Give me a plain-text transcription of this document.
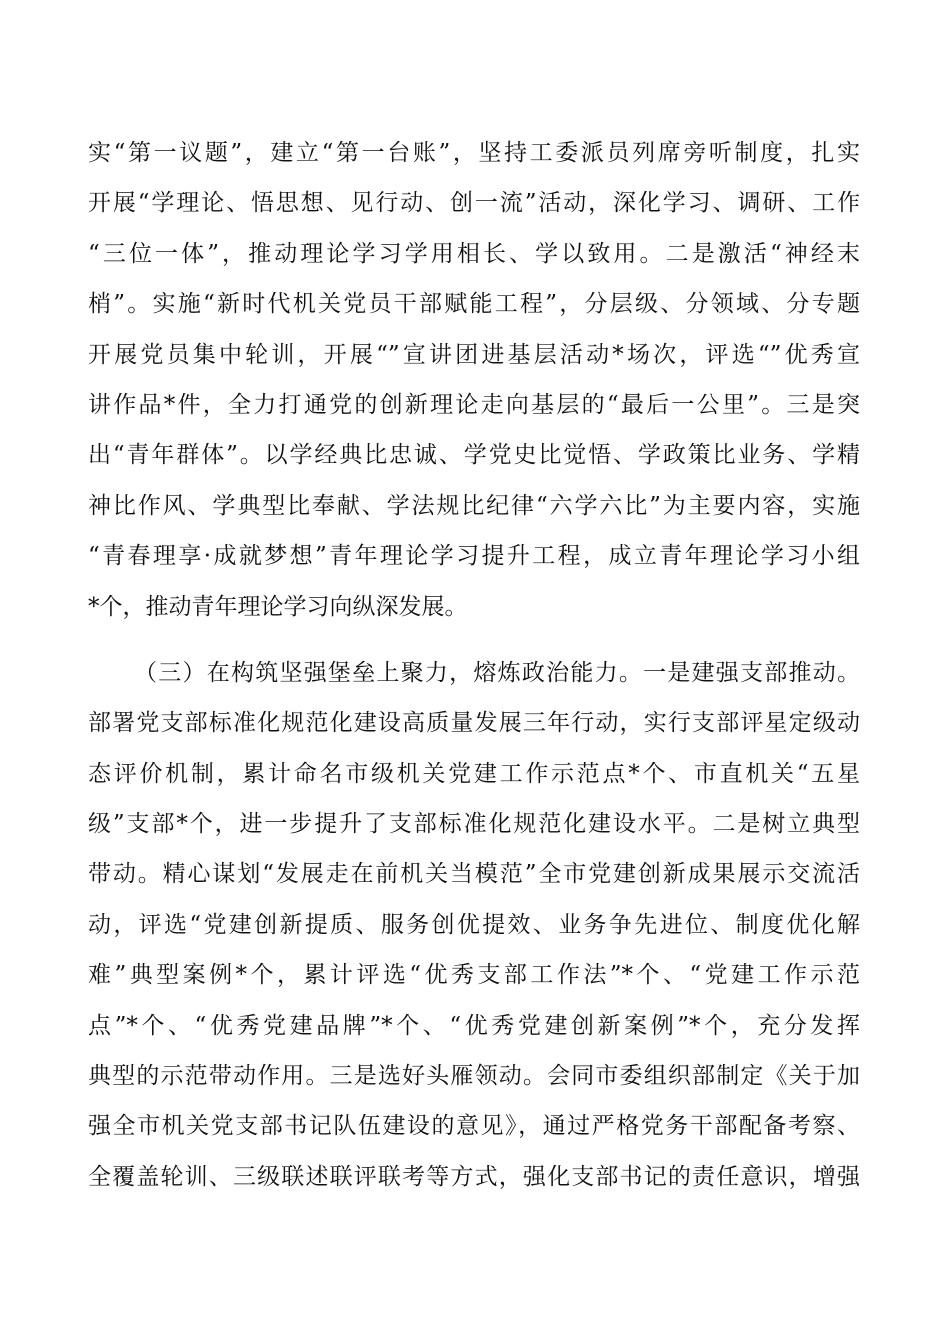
实“第一议题”，建立“第一台账”，坚持工委派员列席旁听制度，扎实
开展“学理论、悟思想、见行动、创一流”活动，深化学习、调研、工作
“三位一体”，推动理论学习学用相长、学以致用。二是激活“神经末
梢”。实施“新时代机关党员干部赋能工程”，分层级、分领域、分专题
开展党员集中轮训，开展“”宣讲团进基层活动*场次，评选“”优秀宣
讲作品*件，全力打通党的创新理论走向基层的“最后一公里”。三是突
出“青年群体”。以学经典比忠诚、学党史比觉悟、学政策比业务、学精
神比作风、学典型比奉献、学法规比纪律“六学六比”为主要内容，实施
“青春理享·成就梦想”青年理论学习提升工程，成立青年理论学习小组
*个，推动青年理论学习向纵深发展。
（三）在构筑坚强堡垒上聚力，熔炼政治能力。一是建强支部推动。
部署党支部标准化规范化建设高质量发展三年行动，实行支部评星定级动
态评价机制，累计命名市级机关党建工作示范点*个、市直机关“五星
级”支部*个，进一步提升了支部标准化规范化建设水平。二是树立典型
带动。精心谋划“发展走在前机关当模范”全市党建创新成果展示交流活
动，评选“党建创新提质、服务创优提效、业务争先进位、制度优化解
难”典型案例*个，累计评选“优秀支部工作法”*个、“党建工作示范
点”*个、“优秀党建品牌”*个、“优秀党建创新案例”*个，充分发挥
典型的示范带动作用。三是选好头雁领动。会同市委组织部制定《关于加
强全市机关党支部书记队伍建设的意见》，通过严格党务干部配备考察、
全覆盖轮训、三级联述联评联考等方式，强化支部书记的责任意识，增强
